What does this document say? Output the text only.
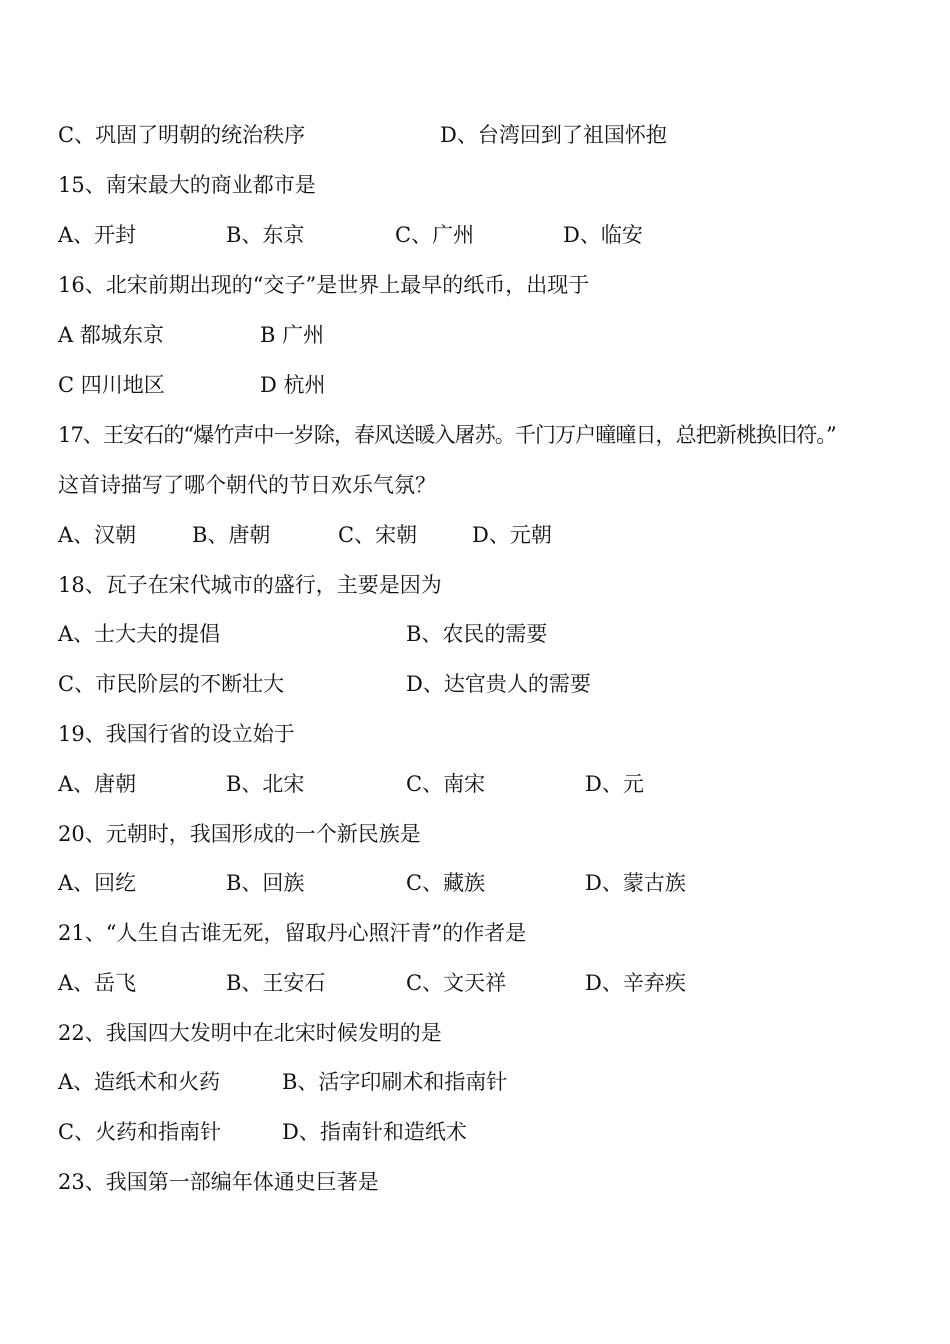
C、巩固了明朝的统治秩序	D、台湾回到了祖国怀抱
15、南宋最大的商业都市是
A、开封	B、东京	C、广州	D、临安
16、北宋前期出现的“交子”是世界上最早的纸币，出现于
A 都城东京	B 广州
C 四川地区	D 杭州
17、王安石的“爆竹声中一岁除，春风送暖入屠苏。千门万户曈曈日，总把新桃换旧符。”
这首诗描写了哪个朝代的节日欢乐气氛？
A、汉朝	B、唐朝	C、宋朝	D、元朝
18、瓦子在宋代城市的盛行，主要是因为
A、士大夫的提倡	B、农民的需要
C、市民阶层的不断壮大	D、达官贵人的需要
19、我国行省的设立始于
A、唐朝	B、北宋	C、南宋	D、元
20、元朝时，我国形成的一个新民族是
A、回纥	B、回族	C、藏族	D、蒙古族
21、“人生自古谁无死，留取丹心照汗青”的作者是
A、岳飞	B、王安石	C、文天祥	D、辛弃疾
22、我国四大发明中在北宋时候发明的是
A、造纸术和火药	B、活字印刷术和指南针
C、火药和指南针	D、指南针和造纸术
23、我国第一部编年体通史巨著是
